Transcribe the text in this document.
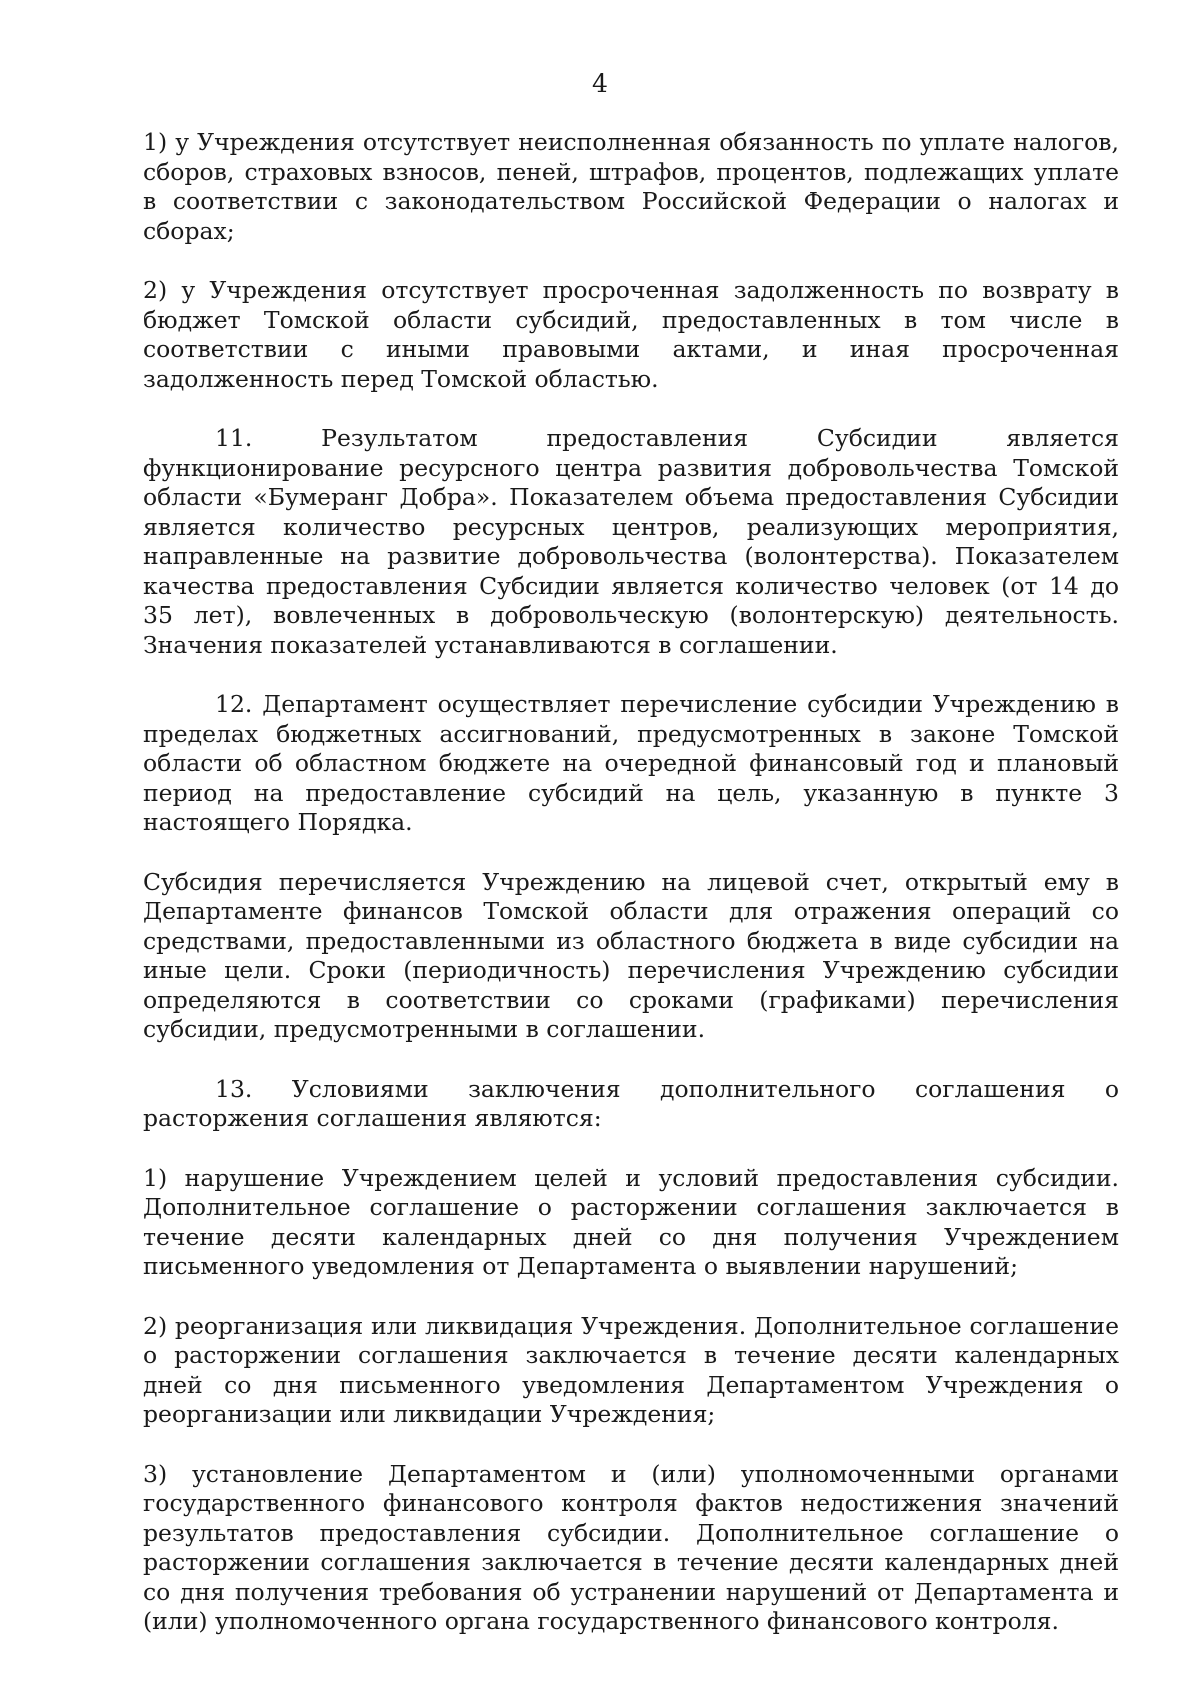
4

1) у Учреждения отсутствует неисполненная обязанность по уплате налогов, сборов, страховых взносов, пеней, штрафов, процентов, подлежащих уплате в соответствии с законодательством Российской Федерации о налогах и сборах;

2) у Учреждения отсутствует просроченная задолженность по возврату в бюджет Томской области субсидий, предоставленных в том числе в соответствии с иными правовыми актами, и иная просроченная задолженность перед Томской областью.

11. Результатом предоставления Субсидии является функционирование ресурсного центра развития добровольчества Томской области «Бумеранг Добра». Показателем объема предоставления Субсидии является количество ресурсных центров, реализующих мероприятия, направленные на развитие добровольчества (волонтерства). Показателем качества предоставления Субсидии является количество человек (от 14 до 35 лет), вовлеченных в добровольческую (волонтерскую) деятельность. Значения показателей устанавливаются в соглашении.

12. Департамент осуществляет перечисление субсидии Учреждению в пределах бюджетных ассигнований, предусмотренных в законе Томской области об областном бюджете на очередной финансовый год и плановый период на предоставление субсидий на цель, указанную в пункте 3 настоящего Порядка.

Субсидия перечисляется Учреждению на лицевой счет, открытый ему в Департаменте финансов Томской области для отражения операций со средствами, предоставленными из областного бюджета в виде субсидии на иные цели. Сроки (периодичность) перечисления Учреждению субсидии определяются в соответствии со сроками (графиками) перечисления субсидии, предусмотренными в соглашении.

13. Условиями заключения дополнительного соглашения о расторжения соглашения являются:

1) нарушение Учреждением целей и условий предоставления субсидии. Дополнительное соглашение о расторжении соглашения заключается в течение десяти календарных дней со дня получения Учреждением письменного уведомления от Департамента о выявлении нарушений;

2) реорганизация или ликвидация Учреждения. Дополнительное соглашение о расторжении соглашения заключается в течение десяти календарных дней со дня письменного уведомления Департаментом Учреждения о реорганизации или ликвидации Учреждения;

3) установление Департаментом и (или) уполномоченными органами государственного финансового контроля фактов недостижения значений результатов предоставления субсидии. Дополнительное соглашение о расторжении соглашения заключается в течение десяти календарных дней со дня получения требования об устранении нарушений от Департамента и (или) уполномоченного органа государственного финансового контроля.
